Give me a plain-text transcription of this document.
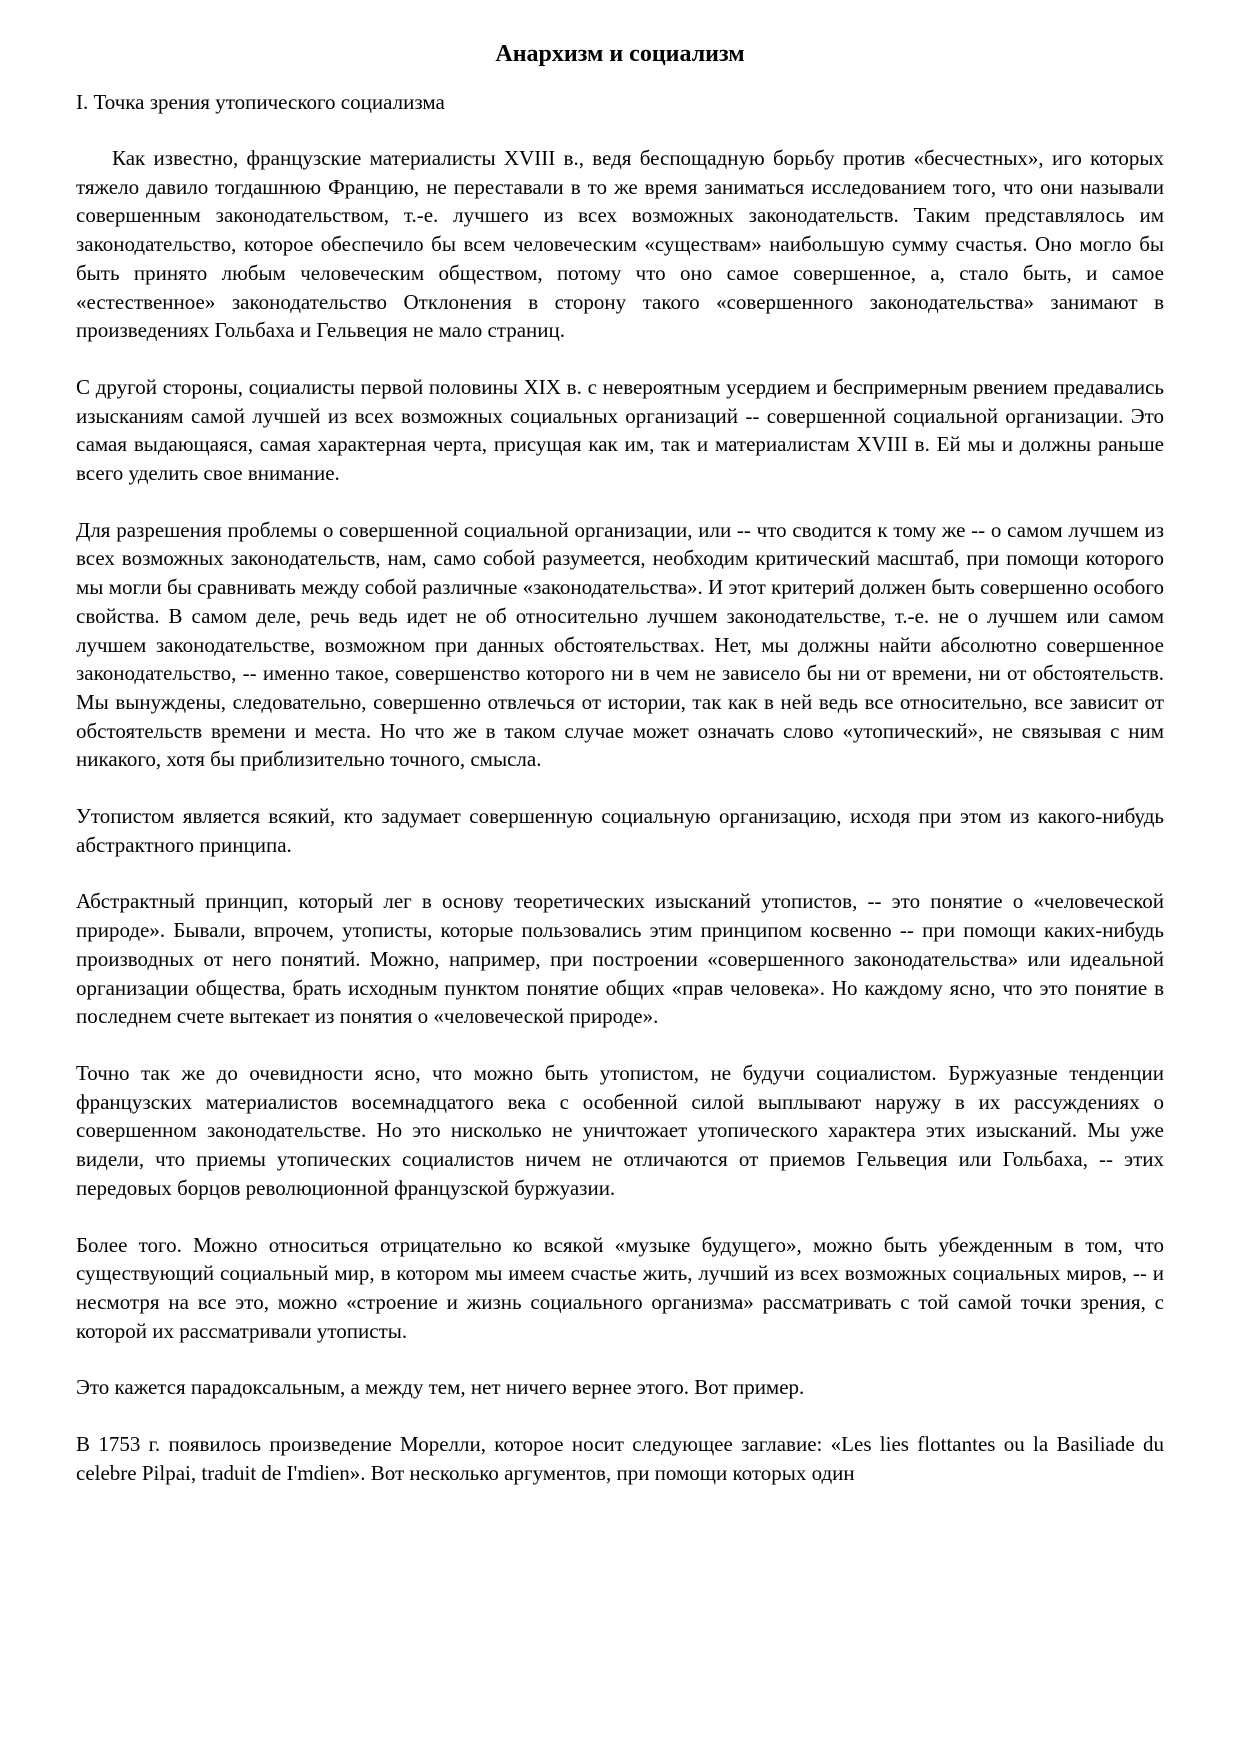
Анархизм и социализм
I. Точка зрения утопического социализма

Как известно, французские материалисты XVIII в., ведя беспощадную борьбу против «бесчестных», иго которых тяжело давило тогдашнюю Францию, не переставали в то же время заниматься исследованием того, что они называли совершенным законодательством, т.-е. лучшего из всех возможных законодательств. Таким представлялось им законодательство, которое обеспечило бы всем человеческим «существам» наибольшую сумму счастья. Оно могло бы быть принято любым человеческим обществом, потому что оно самое совершенное, а, стало быть, и самое «естественное» законодательство Отклонения в сторону такого «совершенного законодательства» занимают в произведениях Гольбаха и Гельвеция не мало страниц.

С другой стороны, социалисты первой половины XIX в. с невероятным усердием и беспримерным рвением предавались изысканиям самой лучшей из всех возможных социальных организаций -- совершенной социальной организации. Это самая выдающаяся, самая характерная черта, присущая как им, так и материалистам XVIII в. Ей мы и должны раньше всего уделить свое внимание.

Для разрешения проблемы о совершенной социальной организации, или -- что сводится к тому же -- о самом лучшем из всех возможных законодательств, нам, само собой разумеется, необходим критический масштаб, при помощи которого мы могли бы сравнивать между собой различные «законодательства». И этот критерий должен быть совершенно особого свойства. В самом деле, речь ведь идет не об относительно лучшем законодательстве, т.-е. не о лучшем или самом лучшем законодательстве, возможном при данных обстоятельствах. Нет, мы должны найти абсолютно совершенное законодательство, -- именно такое, совершенство которого ни в чем не зависело бы ни от времени, ни от обстоятельств. Мы вынуждены, следовательно, совершенно отвлечься от истории, так как в ней ведь все относительно, все зависит от обстоятельств времени и места. Но что же в таком случае может означать слово «утопический», не связывая с ним никакого, хотя бы приблизительно точного, смысла.

Утопистом является всякий, кто задумает совершенную социальную организацию, исходя при этом из какого-нибудь абстрактного принципа.

Абстрактный принцип, который лег в основу теоретических изысканий утопистов, -- это понятие о «человеческой природе». Бывали, впрочем, утописты, которые пользовались этим принципом косвенно -- при помощи каких-нибудь производных от него понятий. Можно, например, при построении «совершенного законодательства» или идеальной организации общества, брать исходным пунктом понятие общих «прав человека». Но каждому ясно, что это понятие в последнем счете вытекает из понятия о «человеческой природе».

Точно так же до очевидности ясно, что можно быть утопистом, не будучи социалистом. Буржуазные тенденции французских материалистов восемнадцатого века с особенной силой выплывают наружу в их рассуждениях о совершенном законодательстве. Но это нисколько не уничтожает утопического характера этих изысканий. Мы уже видели, что приемы утопических социалистов ничем не отличаются от приемов Гельвеция или Гольбаха, -- этих передовых борцов революционной французской буржуазии.

Более того. Можно относиться отрицательно ко всякой «музыке будущего», можно быть убежденным в том, что существующий социальный мир, в котором мы имеем счастье жить, лучший из всех возможных социальных миров, -- и несмотря на все это, можно «строение и жизнь социального организма» рассматривать с той самой точки зрения, с которой их рассматривали утописты.

Это кажется парадоксальным, а между тем, нет ничего вернее этого. Вот пример.

В 1753 г. появилось произведение Морелли, которое носит следующее заглавие: «Les lies flottantes ou la Basiliade du celebre Pilpai, traduit de I'mdien». Вот несколько аргументов, при помощи которых один
